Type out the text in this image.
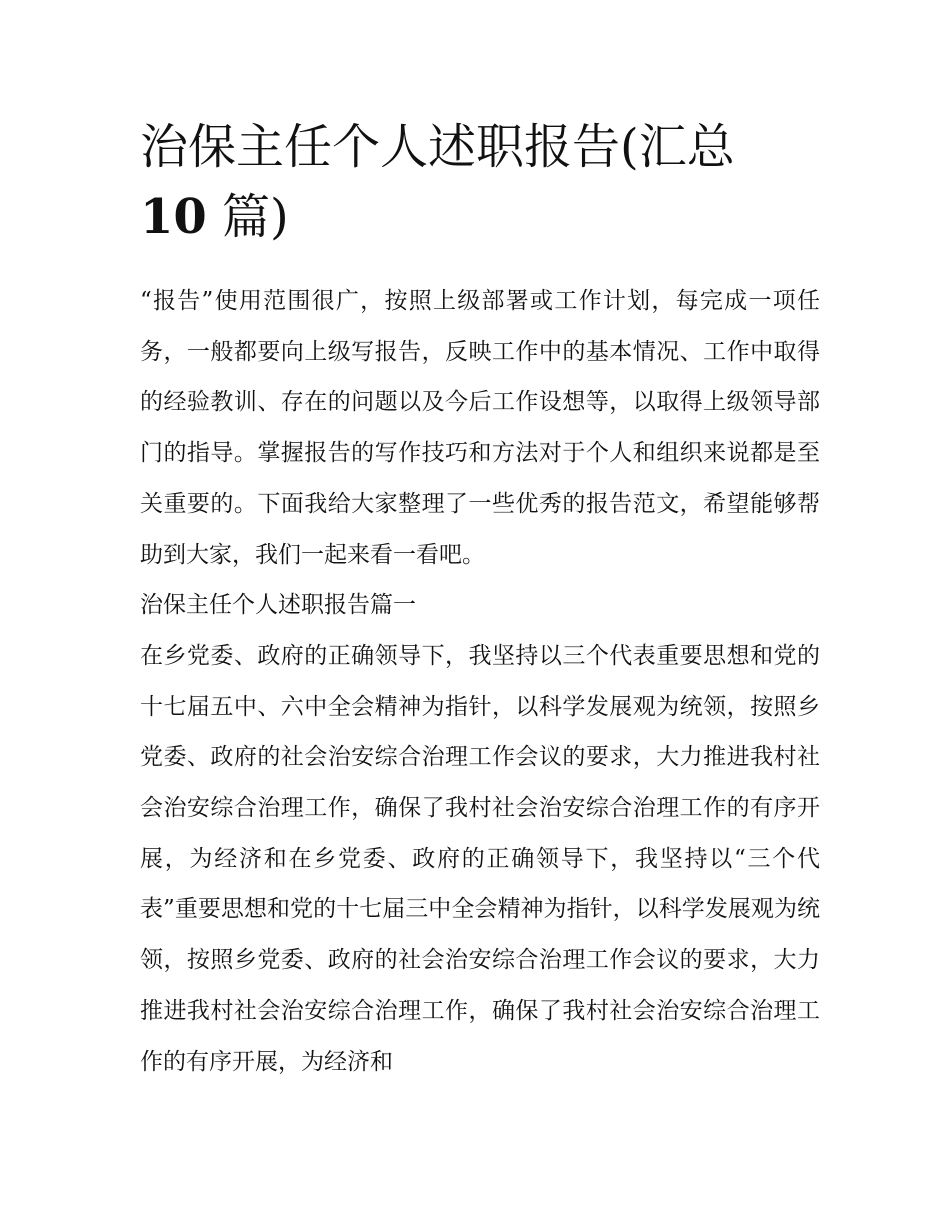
治保主任个人述职报告(汇总
10 篇)

“报告”使用范围很广，按照上级部署或工作计划，每完成一项任务，一般都要向上级写报告，反映工作中的基本情况、工作中取得的经验教训、存在的问题以及今后工作设想等，以取得上级领导部门的指导。掌握报告的写作技巧和方法对于个人和组织来说都是至关重要的。下面我给大家整理了一些优秀的报告范文，希望能够帮助到大家，我们一起来看一看吧。

治保主任个人述职报告篇一

在乡党委、政府的正确领导下，我坚持以三个代表重要思想和党的十七届五中、六中全会精神为指针，以科学发展观为统领，按照乡党委、政府的社会治安综合治理工作会议的要求，大力推进我村社会治安综合治理工作，确保了我村社会治安综合治理工作的有序开展，为经济和在乡党委、政府的正确领导下，我坚持以“三个代表”重要思想和党的十七届三中全会精神为指针，以科学发展观为统领，按照乡党委、政府的社会治安综合治理工作会议的要求，大力推进我村社会治安综合治理工作，确保了我村社会治安综合治理工作的有序开展，为经济和
